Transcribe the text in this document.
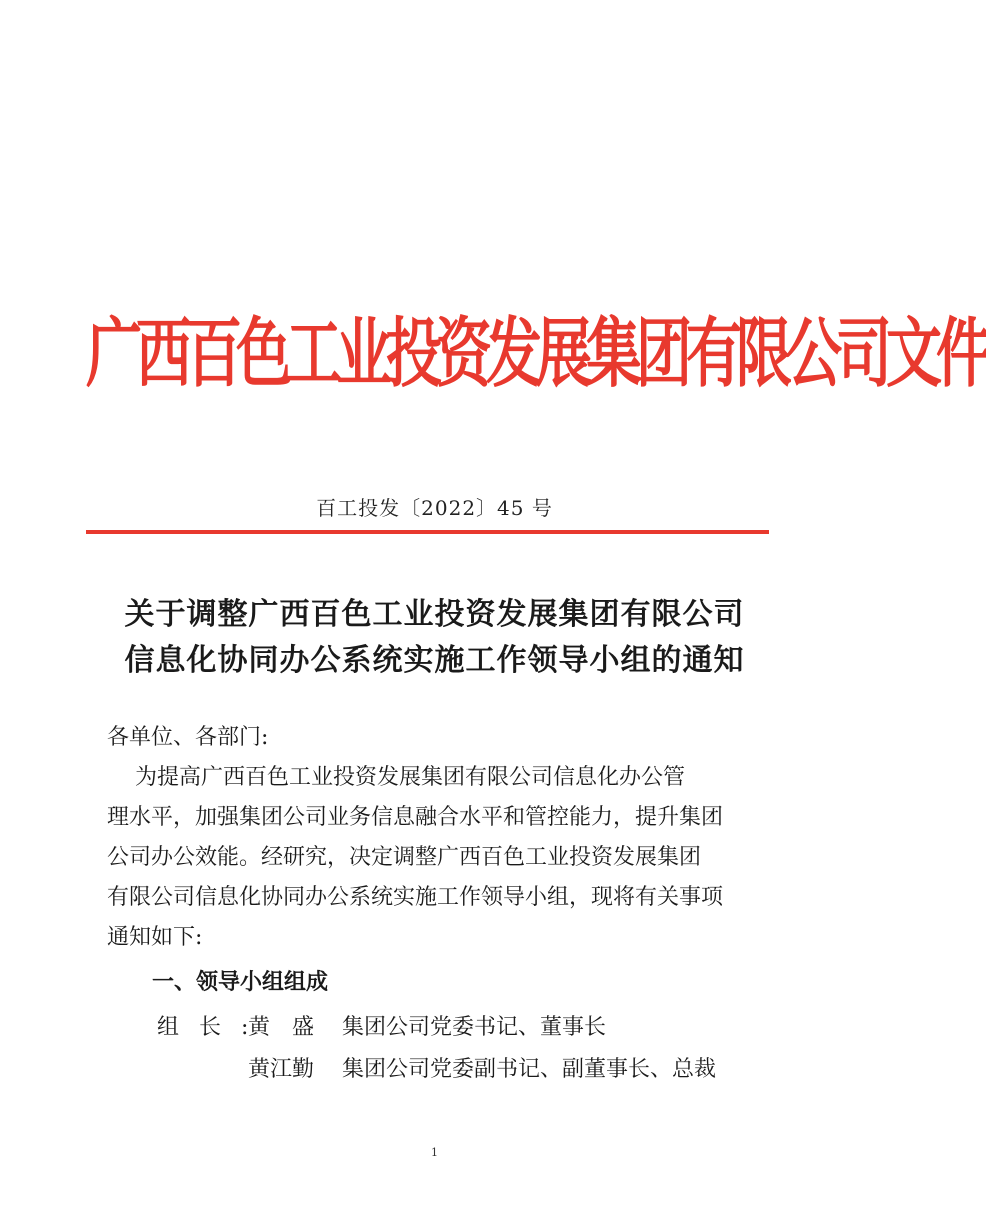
广西百色工业投资发展集团有限公司文件
百工投发〔2022〕45 号
关于调整广西百色工业投资发展集团有限公司
信息化协同办公系统实施工作领导小组的通知
各单位、各部门:
为提高广西百色工业投资发展集团有限公司信息化办公管
理水平，加强集团公司业务信息融合水平和管控能力，提升集团
公司办公效能。经研究，决定调整广西百色工业投资发展集团
有限公司信息化协同办公系统实施工作领导小组，现将有关事项
通知如下:
一、领导小组组成
组长:
黄盛 集团公司党委书记、董事长
黄江勤 集团公司党委副书记、副董事长、总裁
1
